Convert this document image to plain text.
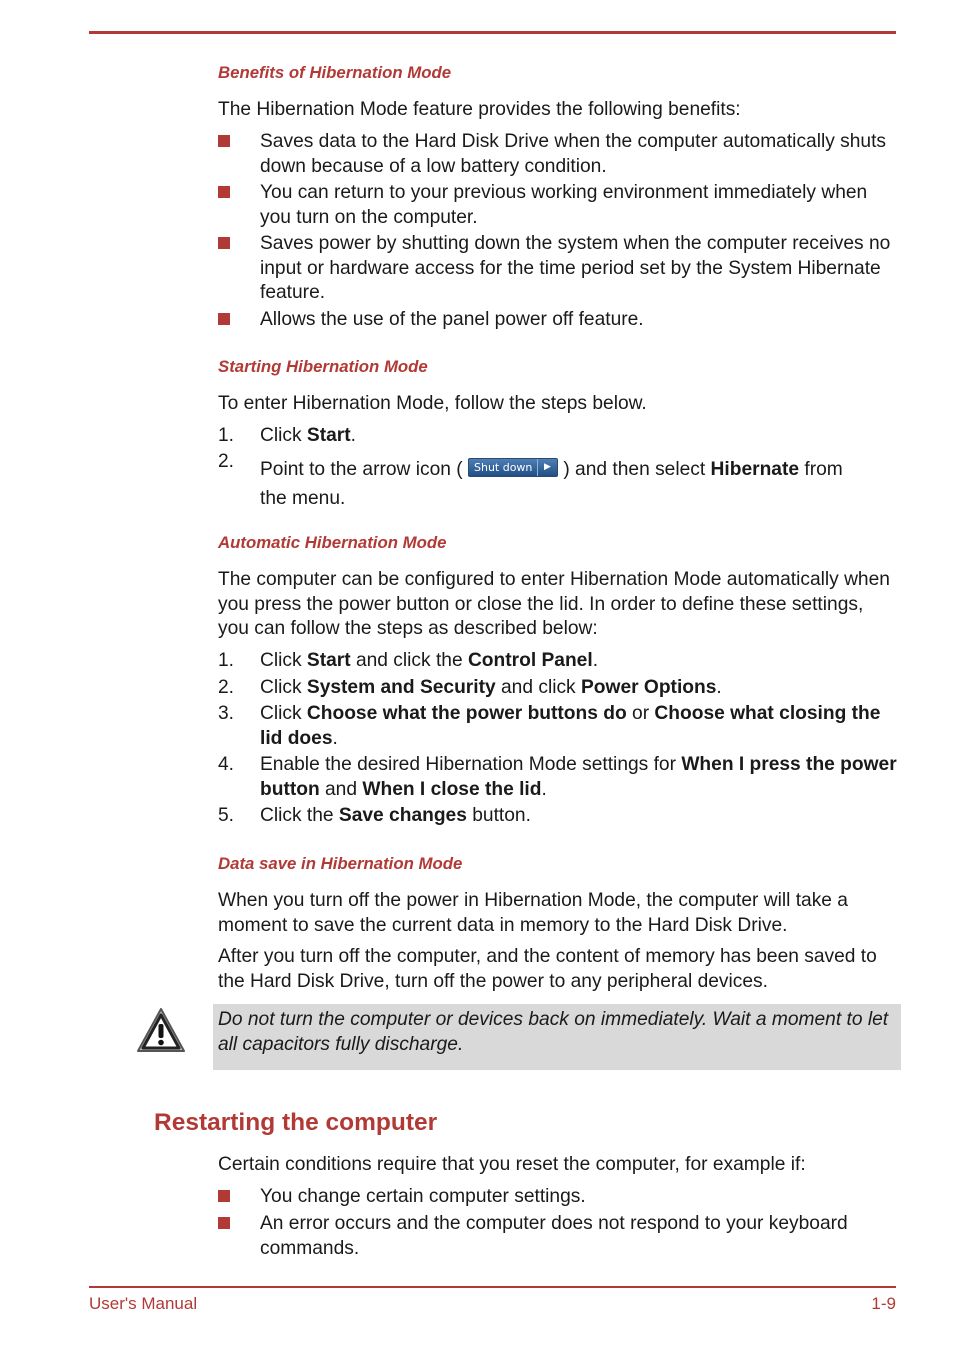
Benefits of Hibernation Mode

The Hibernation Mode feature provides the following benefits:

Saves data to the Hard Disk Drive when the computer automatically shuts down because of a low battery condition.
You can return to your previous working environment immediately when you turn on the computer.
Saves power by shutting down the system when the computer receives no input or hardware access for the time period set by the System Hibernate feature.
Allows the use of the panel power off feature.
Starting Hibernation Mode

To enter Hibernation Mode, follow the steps below.

1. Click Start.
2. Point to the arrow icon ( Shut down	▶ ) and then select Hibernate from
the menu.
Automatic Hibernation Mode

The computer can be configured to enter Hibernation Mode automatically when you press the power button or close the lid. In order to define these settings, you can follow the steps as described below:

1. Click Start and click the Control Panel.
2. Click System and Security and click Power Options.
3. Click Choose what the power buttons do or Choose what closing the lid does.
4. Enable the desired Hibernation Mode settings for When I press the power button and When I close the lid.
5. Click the Save changes button.
Data save in Hibernation Mode

When you turn off the power in Hibernation Mode, the computer will take a moment to save the current data in memory to the Hard Disk Drive.

After you turn off the computer, and the content of memory has been saved to the Hard Disk Drive, turn off the power to any peripheral devices.

Do not turn the computer or devices back on immediately. Wait a moment to let all capacitors fully discharge.
Restarting the computer

Certain conditions require that you reset the computer, for example if:

You change certain computer settings.
An error occurs and the computer does not respond to your keyboard commands.
User's Manual	1-9
